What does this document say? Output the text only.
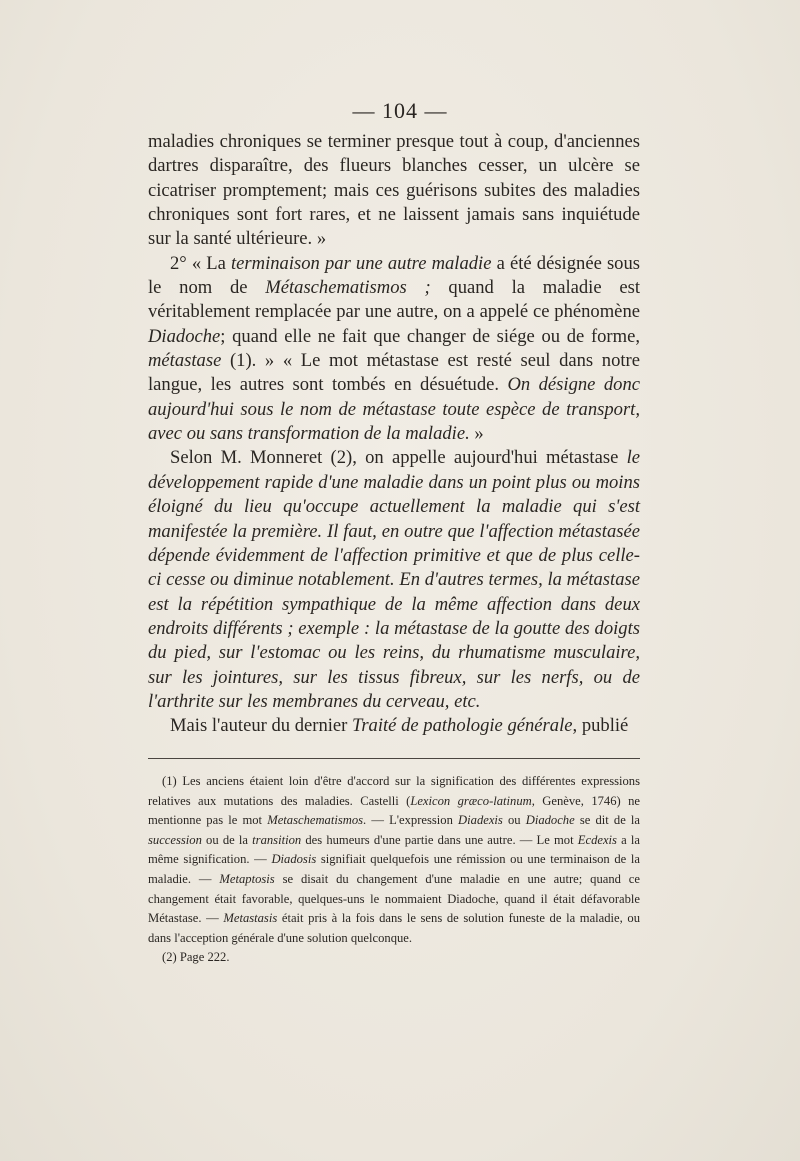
— 104 —

maladies chroniques se terminer presque tout à coup, d'anciennes dartres disparaître, des flueurs blanches cesser, un ulcère se cicatriser promptement; mais ces guérisons subites des maladies chroniques sont fort rares, et ne laissent jamais sans inquiétude sur la santé ultérieure. »

2° « La terminaison par une autre maladie a été désignée sous le nom de Métaschematismos ; quand la maladie est véritablement remplacée par une autre, on a appelé ce phénomène Diadoche; quand elle ne fait que changer de siége ou de forme, métastase (1). » « Le mot métastase est resté seul dans notre langue, les autres sont tombés en désuétude. On désigne donc aujourd'hui sous le nom de métastase toute espèce de transport, avec ou sans transformation de la maladie. »

Selon M. Monneret (2), on appelle aujourd'hui métastase le développement rapide d'une maladie dans un point plus ou moins éloigné du lieu qu'occupe actuellement la maladie qui s'est manifestée la première. Il faut, en outre que l'affection métastasée dépende évidemment de l'affection primitive et que de plus celle-ci cesse ou diminue notablement. En d'autres termes, la métastase est la répétition sympathique de la même affection dans deux endroits différents ; exemple : la métastase de la goutte des doigts du pied, sur l'estomac ou les reins, du rhumatisme musculaire, sur les jointures, sur les tissus fibreux, sur les nerfs, ou de l'arthrite sur les membranes du cerveau, etc.

Mais l'auteur du dernier Traité de pathologie générale, publié

(1) Les anciens étaient loin d'être d'accord sur la signification des différentes expressions relatives aux mutations des maladies. Castelli (Lexicon græco-latinum, Genève, 1746) ne mentionne pas le mot Metaschematismos. — L'expression Diadexis ou Diadoche se dit de la succession ou de la transition des humeurs d'une partie dans une autre. — Le mot Ecdexis a la même signification. — Diadosis signifiait quelquefois une rémission ou une terminaison de la maladie. — Metaptosis se disait du changement d'une maladie en une autre; quand ce changement était favorable, quelques-uns le nommaient Diadoche, quand il était défavorable Métastase. — Metastasis était pris à la fois dans le sens de solution funeste de la maladie, ou dans l'acception générale d'une solution quelconque.

(2) Page 222.
